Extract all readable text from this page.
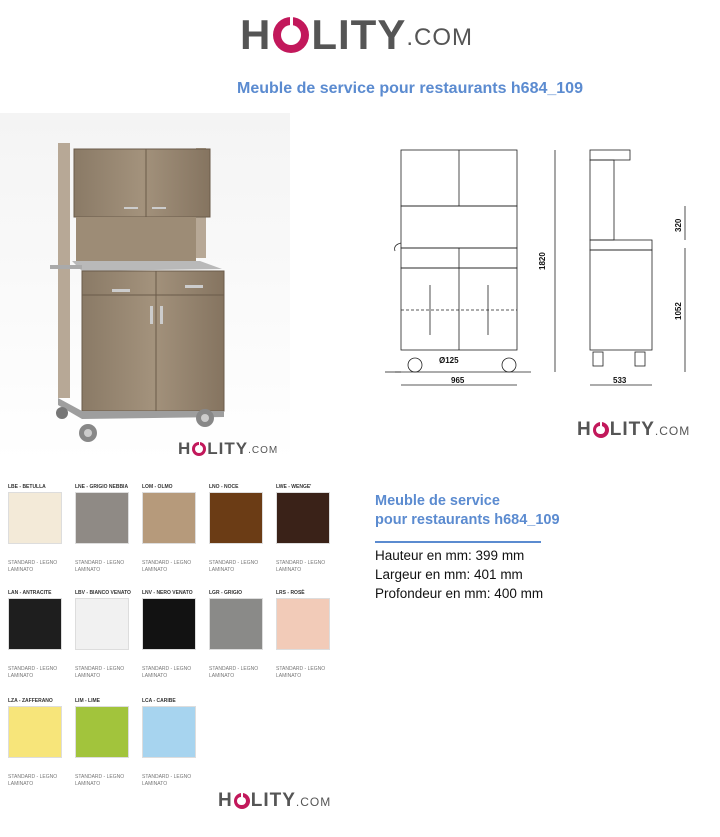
H LITY .COM
Meuble de service pour restaurants h684_109
H LITY .COM
1820
320
1052
Ø125
965	533
H LITY .COM
LBE - BETULLA
STANDARD - LEGNO
LAMINATO
LNE - GRIGIO NEBBIA
STANDARD - LEGNO
LAMINATO
LOM - OLMO
STANDARD - LEGNO
LAMINATO
LNO - NOCE
STANDARD - LEGNO
LAMINATO
LWE - WENGE'
STANDARD - LEGNO
LAMINATO
LAN - ANTRACITE
STANDARD - LEGNO
LAMINATO
LBV - BIANCO VENATO
STANDARD - LEGNO
LAMINATO
LNV - NERO VENATO
STANDARD - LEGNO
LAMINATO
LGR - GRIGIO
STANDARD - LEGNO
LAMINATO
LRS - ROSÈ
STANDARD - LEGNO
LAMINATO
LZA - ZAFFERANO
STANDARD - LEGNO
LAMINATO
LIM - LIME
STANDARD - LEGNO
LAMINATO
LCA - CARIBE
STANDARD - LEGNO
LAMINATO
Meuble de service
pour restaurants h684_109
Hauteur en mm: 399 mm
Largeur en mm: 401 mm
Profondeur en mm: 400 mm
H LITY .COM
